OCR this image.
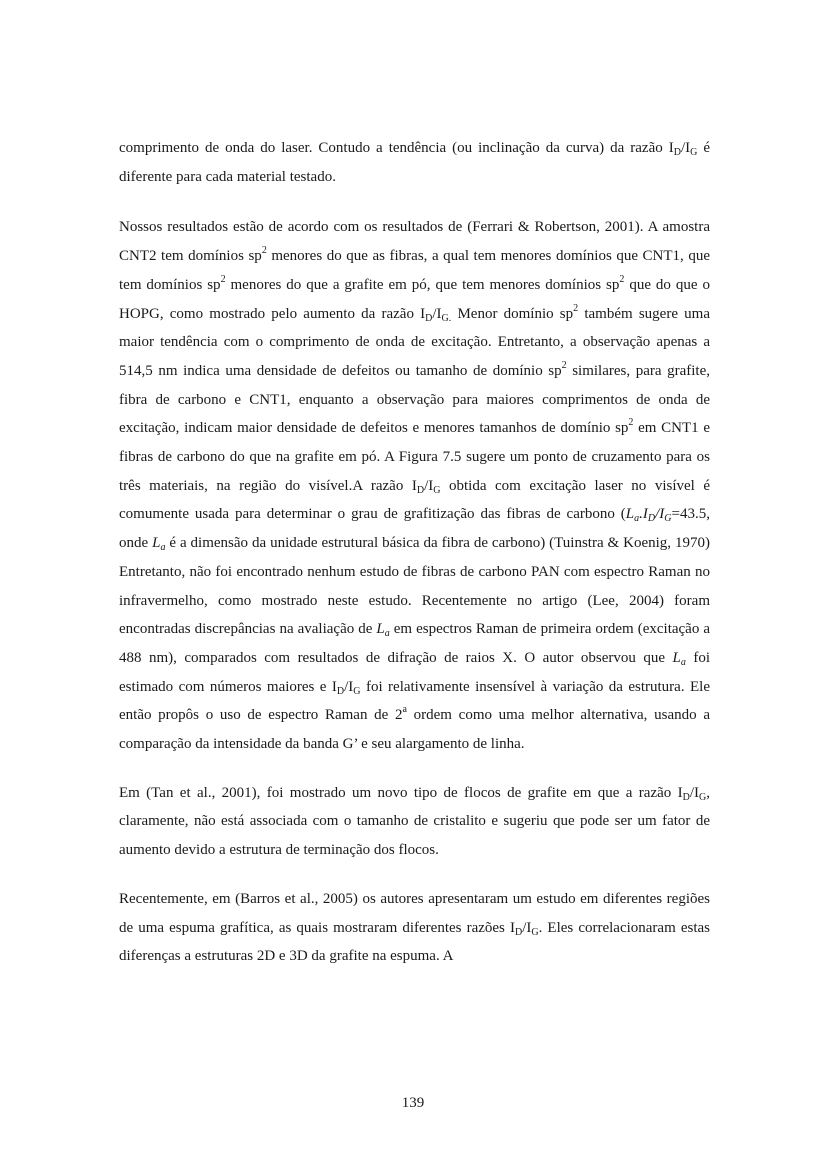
comprimento de onda do laser. Contudo a tendência (ou inclinação da curva) da razão $I_D/I_G$ é diferente para cada material testado.

Nossos resultados estão de acordo com os resultados de (Ferrari & Robertson, 2001). A amostra CNT2 tem domínios $sp^2$ menores do que as fibras, a qual tem menores domínios que CNT1, que tem domínios $sp^2$ menores do que a grafite em pó, que tem menores domínios $sp^2$ que do que o HOPG, como mostrado pelo aumento da razão $I_D/I_{G.}$ Menor domínio $sp^2$ também sugere uma maior tendência com o comprimento de onda de excitação. Entretanto, a observação apenas a 514,5 nm indica uma densidade de defeitos ou tamanho de domínio $sp^2$ similares, para grafite, fibra de carbono e CNT1, enquanto a observação para maiores comprimentos de onda de excitação, indicam maior densidade de defeitos e menores tamanhos de domínio $sp^2$ em CNT1 e fibras de carbono do que na grafite em pó. A Figura 7.5 sugere um ponto de cruzamento para os três materiais, na região do visível.A razão $I_D/I_G$ obtida com excitação laser no visível é comumente usada para determinar o grau de grafitização das fibras de carbono ($L_a.I_D/I_G=43.5$, onde $L_a$ é a dimensão da unidade estrutural básica da fibra de carbono) (Tuinstra & Koenig, 1970) Entretanto, não foi encontrado nenhum estudo de fibras de carbono PAN com espectro Raman no infravermelho, como mostrado neste estudo. Recentemente no artigo (Lee, 2004) foram encontradas discrepâncias na avaliação de $L_a$ em espectros Raman de primeira ordem (excitação a 488 nm), comparados com resultados de difração de raios X. O autor observou que $L_a$ foi estimado com números maiores e $I_D/I_G$ foi relativamente insensível à variação da estrutura. Ele então propôs o uso de espectro Raman de 2$^a$ ordem como uma melhor alternativa, usando a comparação da intensidade da banda G’ e seu alargamento de linha.

Em (Tan et al., 2001), foi mostrado um novo tipo de flocos de grafite em que a razão $I_D/I_G$, claramente, não está associada com o tamanho de cristalito e sugeriu que pode ser um fator de aumento devido a estrutura de terminação dos flocos.

Recentemente, em (Barros et al., 2005) os autores apresentaram um estudo em diferentes regiões de uma espuma grafítica, as quais mostraram diferentes razões $I_D/I_G$. Eles correlacionaram estas diferenças a estruturas 2D e 3D da grafite na espuma. A

139
